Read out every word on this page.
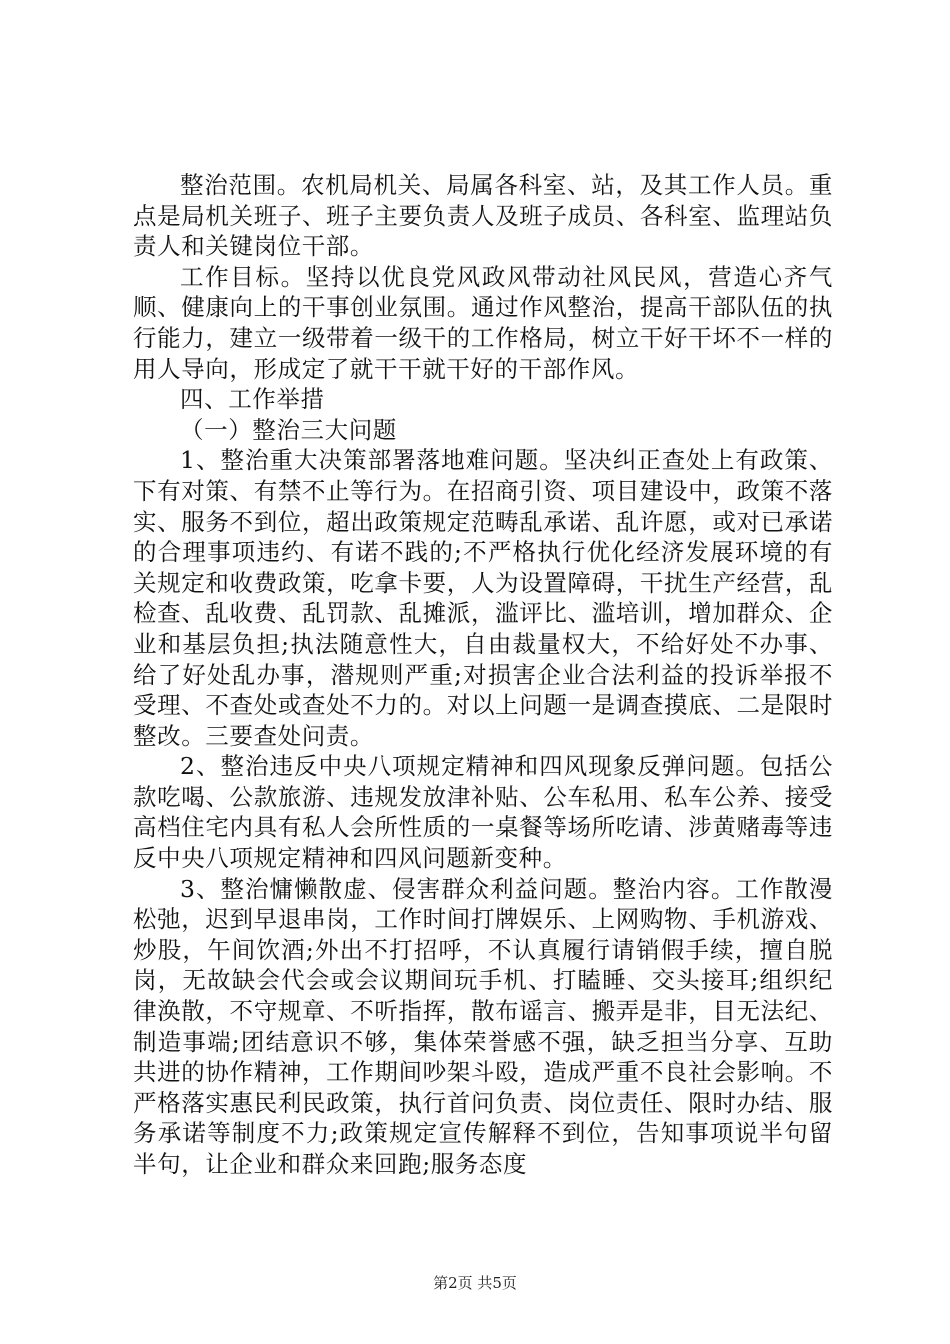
整治范围。农机局机关、局属各科室、站，及其工作人员。重点是局机关班子、班子主要负责人及班子成员、各科室、监理站负责人和关键岗位干部。

工作目标。坚持以优良党风政风带动社风民风，营造心齐气顺、健康向上的干事创业氛围。通过作风整治，提高干部队伍的执行能力，建立一级带着一级干的工作格局，树立干好干坏不一样的用人导向，形成定了就干干就干好的干部作风。

四、工作举措

（一）整治三大问题

1、整治重大决策部署落地难问题。坚决纠正查处上有政策、下有对策、有禁不止等行为。在招商引资、项目建设中，政策不落实、服务不到位，超出政策规定范畴乱承诺、乱许愿，或对已承诺的合理事项违约、有诺不践的;不严格执行优化经济发展环境的有关规定和收费政策，吃拿卡要，人为设置障碍，干扰生产经营，乱检查、乱收费、乱罚款、乱摊派，滥评比、滥培训，增加群众、企业和基层负担;执法随意性大，自由裁量权大，不给好处不办事、给了好处乱办事，潜规则严重;对损害企业合法利益的投诉举报不受理、不查处或查处不力的。对以上问题一是调查摸底、二是限时整改。三要查处问责。

2、整治违反中央八项规定精神和四风现象反弹问题。包括公款吃喝、公款旅游、违规发放津补贴、公车私用、私车公养、接受高档住宅内具有私人会所性质的一桌餐等场所吃请、涉黄赌毒等违反中央八项规定精神和四风问题新变种。

3、整治慵懒散虚、侵害群众利益问题。整治内容。工作散漫松弛，迟到早退串岗，工作时间打牌娱乐、上网购物、手机游戏、炒股，午间饮酒;外出不打招呼，不认真履行请销假手续，擅自脱岗，无故缺会代会或会议期间玩手机、打瞌睡、交头接耳;组织纪律涣散，不守规章、不听指挥，散布谣言、搬弄是非，目无法纪、制造事端;团结意识不够，集体荣誉感不强，缺乏担当分享、互助共进的协作精神，工作期间吵架斗殴，造成严重不良社会影响。不严格落实惠民利民政策，执行首问负责、岗位责任、限时办结、服务承诺等制度不力;政策规定宣传解释不到位，告知事项说半句留半句，让企业和群众来回跑;服务态度

第2页 共5页
